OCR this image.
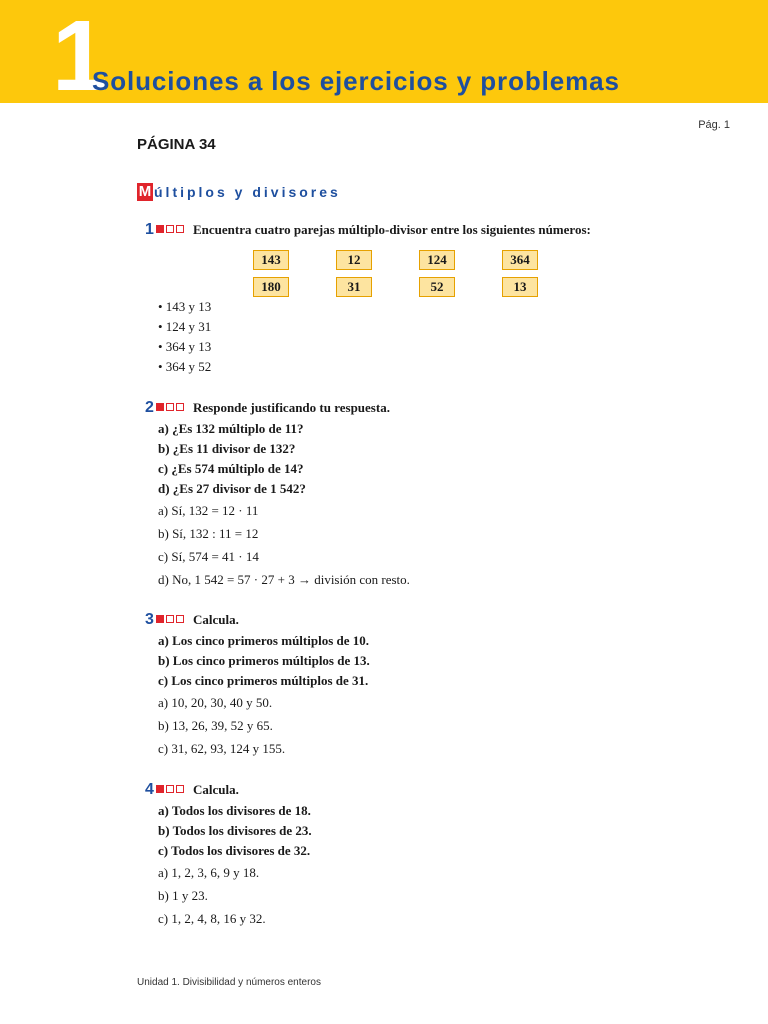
1
Soluciones a los ejercicios y problemas
Pág. 1
PÁGINA 34
M últiplos y divisores
1	Encuentra cuatro parejas múltiplo-divisor entre los siguientes números:
143	12	124	364
180	31	52	13
• 143 y 13
• 124 y 31
• 364 y 13
• 364 y 52
2	Responde justificando tu respuesta.
a) ¿Es 132 múltiplo de 11?
b) ¿Es 11 divisor de 132?
c) ¿Es 574 múltiplo de 14?
d) ¿Es 27 divisor de 1 542?
a) Sí, 132 = 12 · 11
b) Sí, 132 : 11 = 12
c) Sí, 574 = 41 · 14
d) No, 1 542 = 57 · 27 + 3 → división con resto.
3	Calcula.
a) Los cinco primeros múltiplos de 10.
b) Los cinco primeros múltiplos de 13.
c) Los cinco primeros múltiplos de 31.
a) 10, 20, 30, 40 y 50.
b) 13, 26, 39, 52 y 65.
c) 31, 62, 93, 124 y 155.
4	Calcula.
a) Todos los divisores de 18.
b) Todos los divisores de 23.
c) Todos los divisores de 32.
a) 1, 2, 3, 6, 9 y 18.
b) 1 y 23.
c) 1, 2, 4, 8, 16 y 32.
Unidad 1. Divisibilidad y números enteros
